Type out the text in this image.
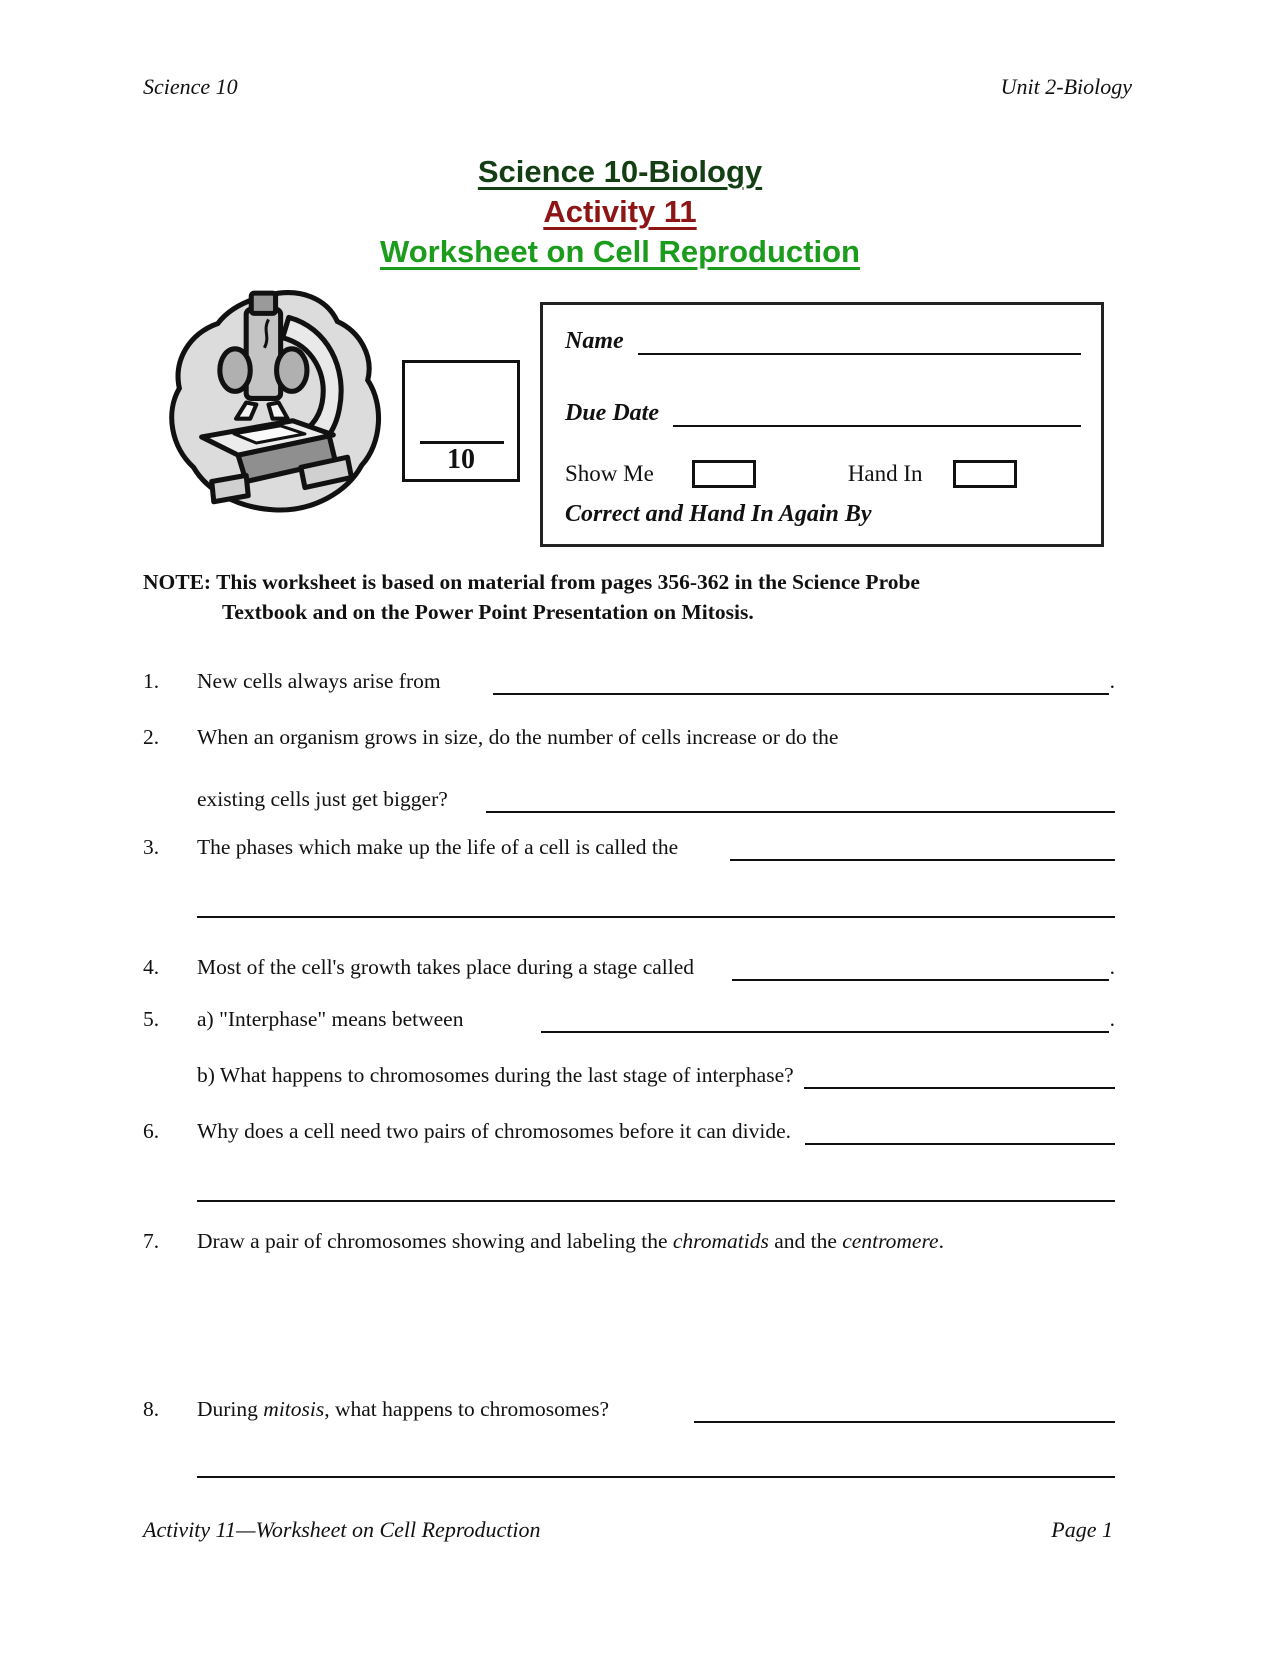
Science 10	Unit 2-Biology
Science 10-Biology
Activity 11
Worksheet on Cell Reproduction
10
Name
Due Date
Show Me	Hand In
Correct and Hand In Again By
NOTE: This worksheet is based on material from pages 356-362 in the Science Probe
Textbook and on the Power Point Presentation on Mitosis.
1.	New cells always arise from	.
2.	When an organism grows in size, do the number of cells increase or do the
existing cells just get bigger?
3.	The phases which make up the life of a cell is called the
4.	Most of the cell's growth takes place during a stage called	.
5.	a) "Interphase" means between	.
b) What happens to chromosomes during the last stage of interphase?
6.	Why does a cell need two pairs of chromosomes before it can divide.
7.	Draw a pair of chromosomes showing and labeling the chromatids and the centromere.
8.	During mitosis, what happens to chromosomes?
Activity 11—Worksheet on Cell Reproduction	Page 1
